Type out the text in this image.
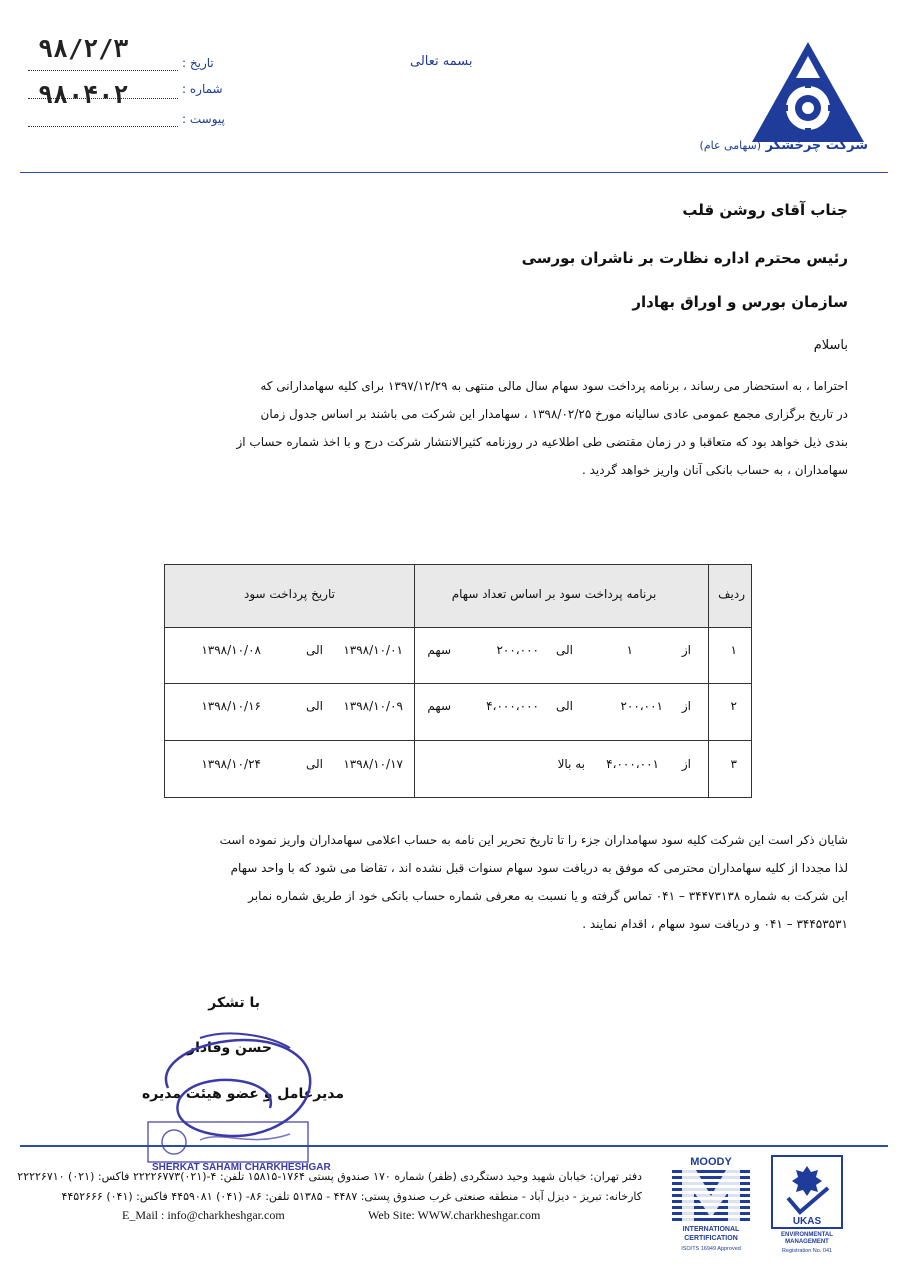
شرکت چرخشگر (سهامی عام)
بسمه تعالی
تاریخ :
۹۸/۲/۳
شماره :
۹۸۰۴۰۲
پیوست :
جناب آقای روشن قلب
رئیس محترم اداره نظارت بر ناشران بورسی
سازمان بورس و اوراق بهادار
باسلام
احتراما ، به استحضار می رساند ، برنامه پرداخت سود سهام سال مالی منتهی به ۱۳۹۷/۱۲/۲۹ برای کلیه سهامدارانی که
در تاریخ برگزاری مجمع عمومی عادی سالیانه مورخ ۱۳۹۸/۰۲/۲۵ ، سهامدار این شرکت می باشند بر اساس جدول زمان
بندی ذیل خواهد بود که متعاقبا و در زمان مقتضی طی اطلاعیه‌ در روزنامه کثیرالانتشار شرکت درج و با اخذ شماره حساب از
سهامداران ، به حساب بانکی آنان واریز خواهد گردید .
ردیف
برنامه پرداخت سود بر اساس تعداد سهام
تاریخ پرداخت سود
۱
از
۱
الی
۲۰۰،۰۰۰
سهم
۱۳۹۸/۱۰/۰۱
الی
۱۳۹۸/۱۰/۰۸
۲
از
۲۰۰،۰۰۱
الی
۴،۰۰۰،۰۰۰
سهم
۱۳۹۸/۱۰/۰۹
الی
۱۳۹۸/۱۰/۱۶
۳
از
۴،۰۰۰،۰۰۱
به بالا
۱۳۹۸/۱۰/۱۷
الی
۱۳۹۸/۱۰/۲۴
شایان ذکر است این شرکت کلیه سود سهامداران جزء را تا تاریخ تحریر این نامه به حساب اعلامی سهامداران واریز نموده است
لذا مجددا از کلیه سهامداران محترمی که موفق به دریافت سود سهام سنوات قبل نشده اند ، تقاضا می شود که با واحد سهام
این شرکت به شماره ۳۴۴۷۳۱۳۸ – ۰۴۱ تماس گرفته و یا نسبت به معرفی شماره حساب بانکی خود از طریق شماره نمابر
۳۴۴۵۳۵۳۱ – ۰۴۱ و دریافت سود سهام ، اقدام نمایند .
با تشکر
حسن وفادار
مدیرعامل و عضو هیئت مدیره
SHERKAT SAHAMI CHARKHESHGAR
دفتر تهران: خیابان شهید وحید دستگردی (ظفر) شماره ۱۷۰ صندوق پستی ۱۷۶۴-۱۵۸۱۵ تلفن: ۴-(۰۲۱)۲۲۲۲۶۷۷۳ فاکس: (۰۲۱) ۲۲۲۲۶۷۱۰
کارخانه: تبریز - دیزل آباد - منطقه صنعتی غرب صندوق پستی: ۴۴۸۷ - ۵۱۳۸۵ تلفن: ۸۶- (۰۴۱) ۴۴۵۹۰۸۱ فاکس: (۰۴۱) ۴۴۵۲۶۶۶
E_Mail : info@charkheshgar.com	Web Site: WWW.charkheshgar.com
MOODY
INTERNATIONAL
CERTIFICATION
ISO/TS 16949 Approved
UKAS
ENVIRONMENTAL
MANAGEMENT
Registration No. 041
